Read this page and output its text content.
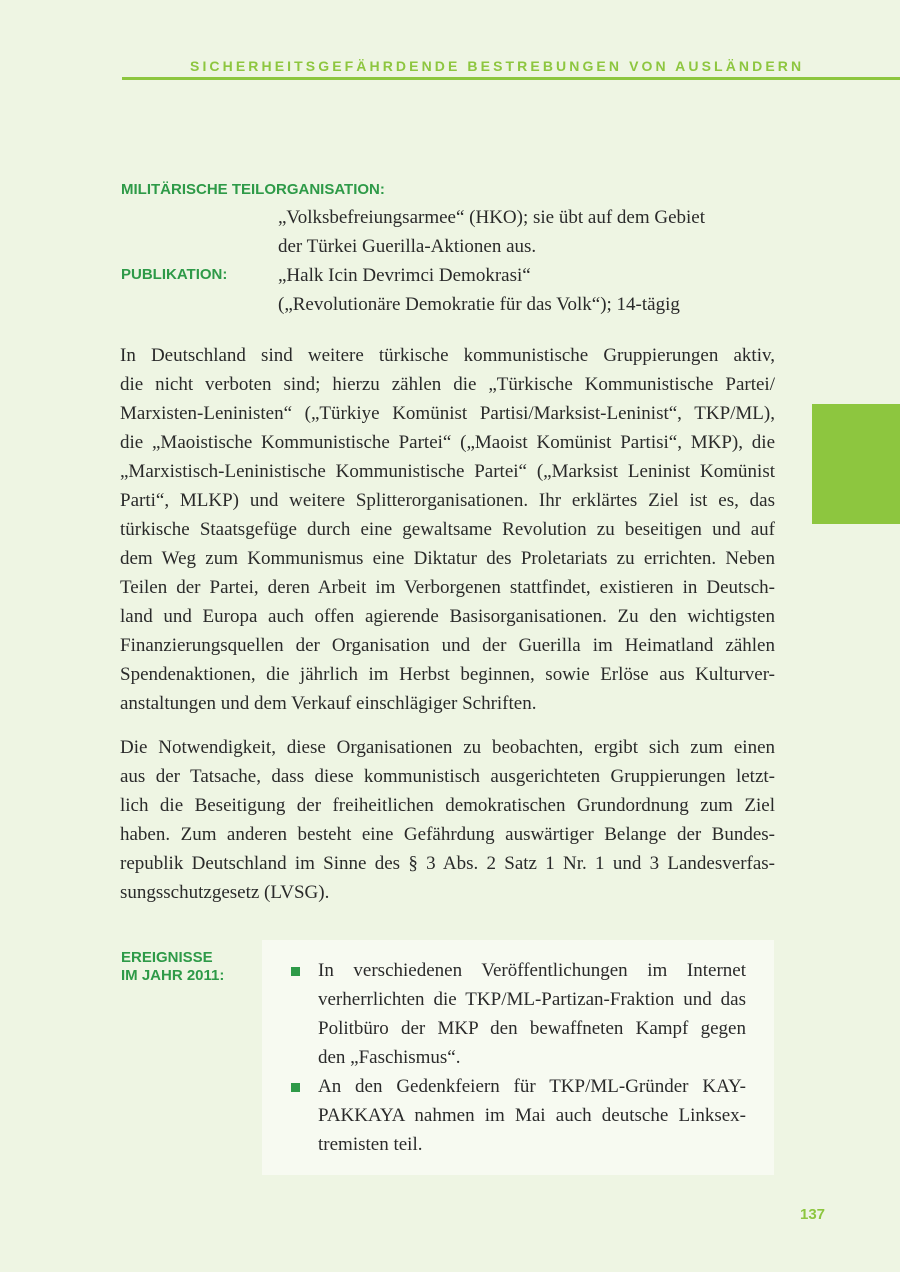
SICHERHEITSGEFÄHRDENDE BESTREBUNGEN VON AUSLÄNDERN
MILITÄRISCHE TEILORGANISATION:
„Volksbefreiungsarmee“ (HKO); sie übt auf dem Gebiet
der Türkei Guerilla-Aktionen aus.
PUBLIKATION:	„Halk Icin Devrimci Demokrasi“
(„Revolutionäre Demokratie für das Volk“); 14-tägig
In Deutschland sind weitere türkische kommunistische Gruppierungen aktiv,
die nicht verboten sind; hierzu zählen die „Türkische Kommunistische Partei/
Marxisten-Leninisten“ („Türkiye Komünist Partisi/Marksist-Leninist“, TKP/ML),
die „Maoistische Kommunistische Partei“ („Maoist Komünist Partisi“, MKP), die
„Marxistisch-Leninistische Kommunistische Partei“ („Marksist Leninist Komünist
Parti“, MLKP) und weitere Splitterorganisationen. Ihr erklärtes Ziel ist es, das
türkische Staatsgefüge durch eine gewaltsame Revolution zu beseitigen und auf
dem Weg zum Kommunismus eine Diktatur des Proletariats zu errichten. Neben
Teilen der Partei, deren Arbeit im Verborgenen stattfindet, existieren in Deutsch-
land und Europa auch offen agierende Basisorganisationen. Zu den wichtigsten
Finanzierungsquellen der Organisation und der Guerilla im Heimatland zählen
Spendenaktionen, die jährlich im Herbst beginnen, sowie Erlöse aus Kulturver-
anstaltungen und dem Verkauf einschlägiger Schriften.
Die Notwendigkeit, diese Organisationen zu beobachten, ergibt sich zum einen
aus der Tatsache, dass diese kommunistisch ausgerichteten Gruppierungen letzt-
lich die Beseitigung der freiheitlichen demokratischen Grundordnung zum Ziel
haben. Zum anderen besteht eine Gefährdung auswärtiger Belange der Bundes-
republik Deutschland im Sinne des § 3 Abs. 2 Satz 1 Nr. 1 und 3 Landesverfas-
sungsschutzgesetz (LVSG).
EREIGNISSE
IM JAHR 2011:	In verschiedenen Veröffentlichungen im Internet
verherrlichten die TKP/ML-Partizan-Fraktion und das
Politbüro der MKP den bewaffneten Kampf gegen
den „Faschismus“.
An den Gedenkfeiern für TKP/ML-Gründer KAY-
PAKKAYA nahmen im Mai auch deutsche Linksex-
tremisten teil.
137
